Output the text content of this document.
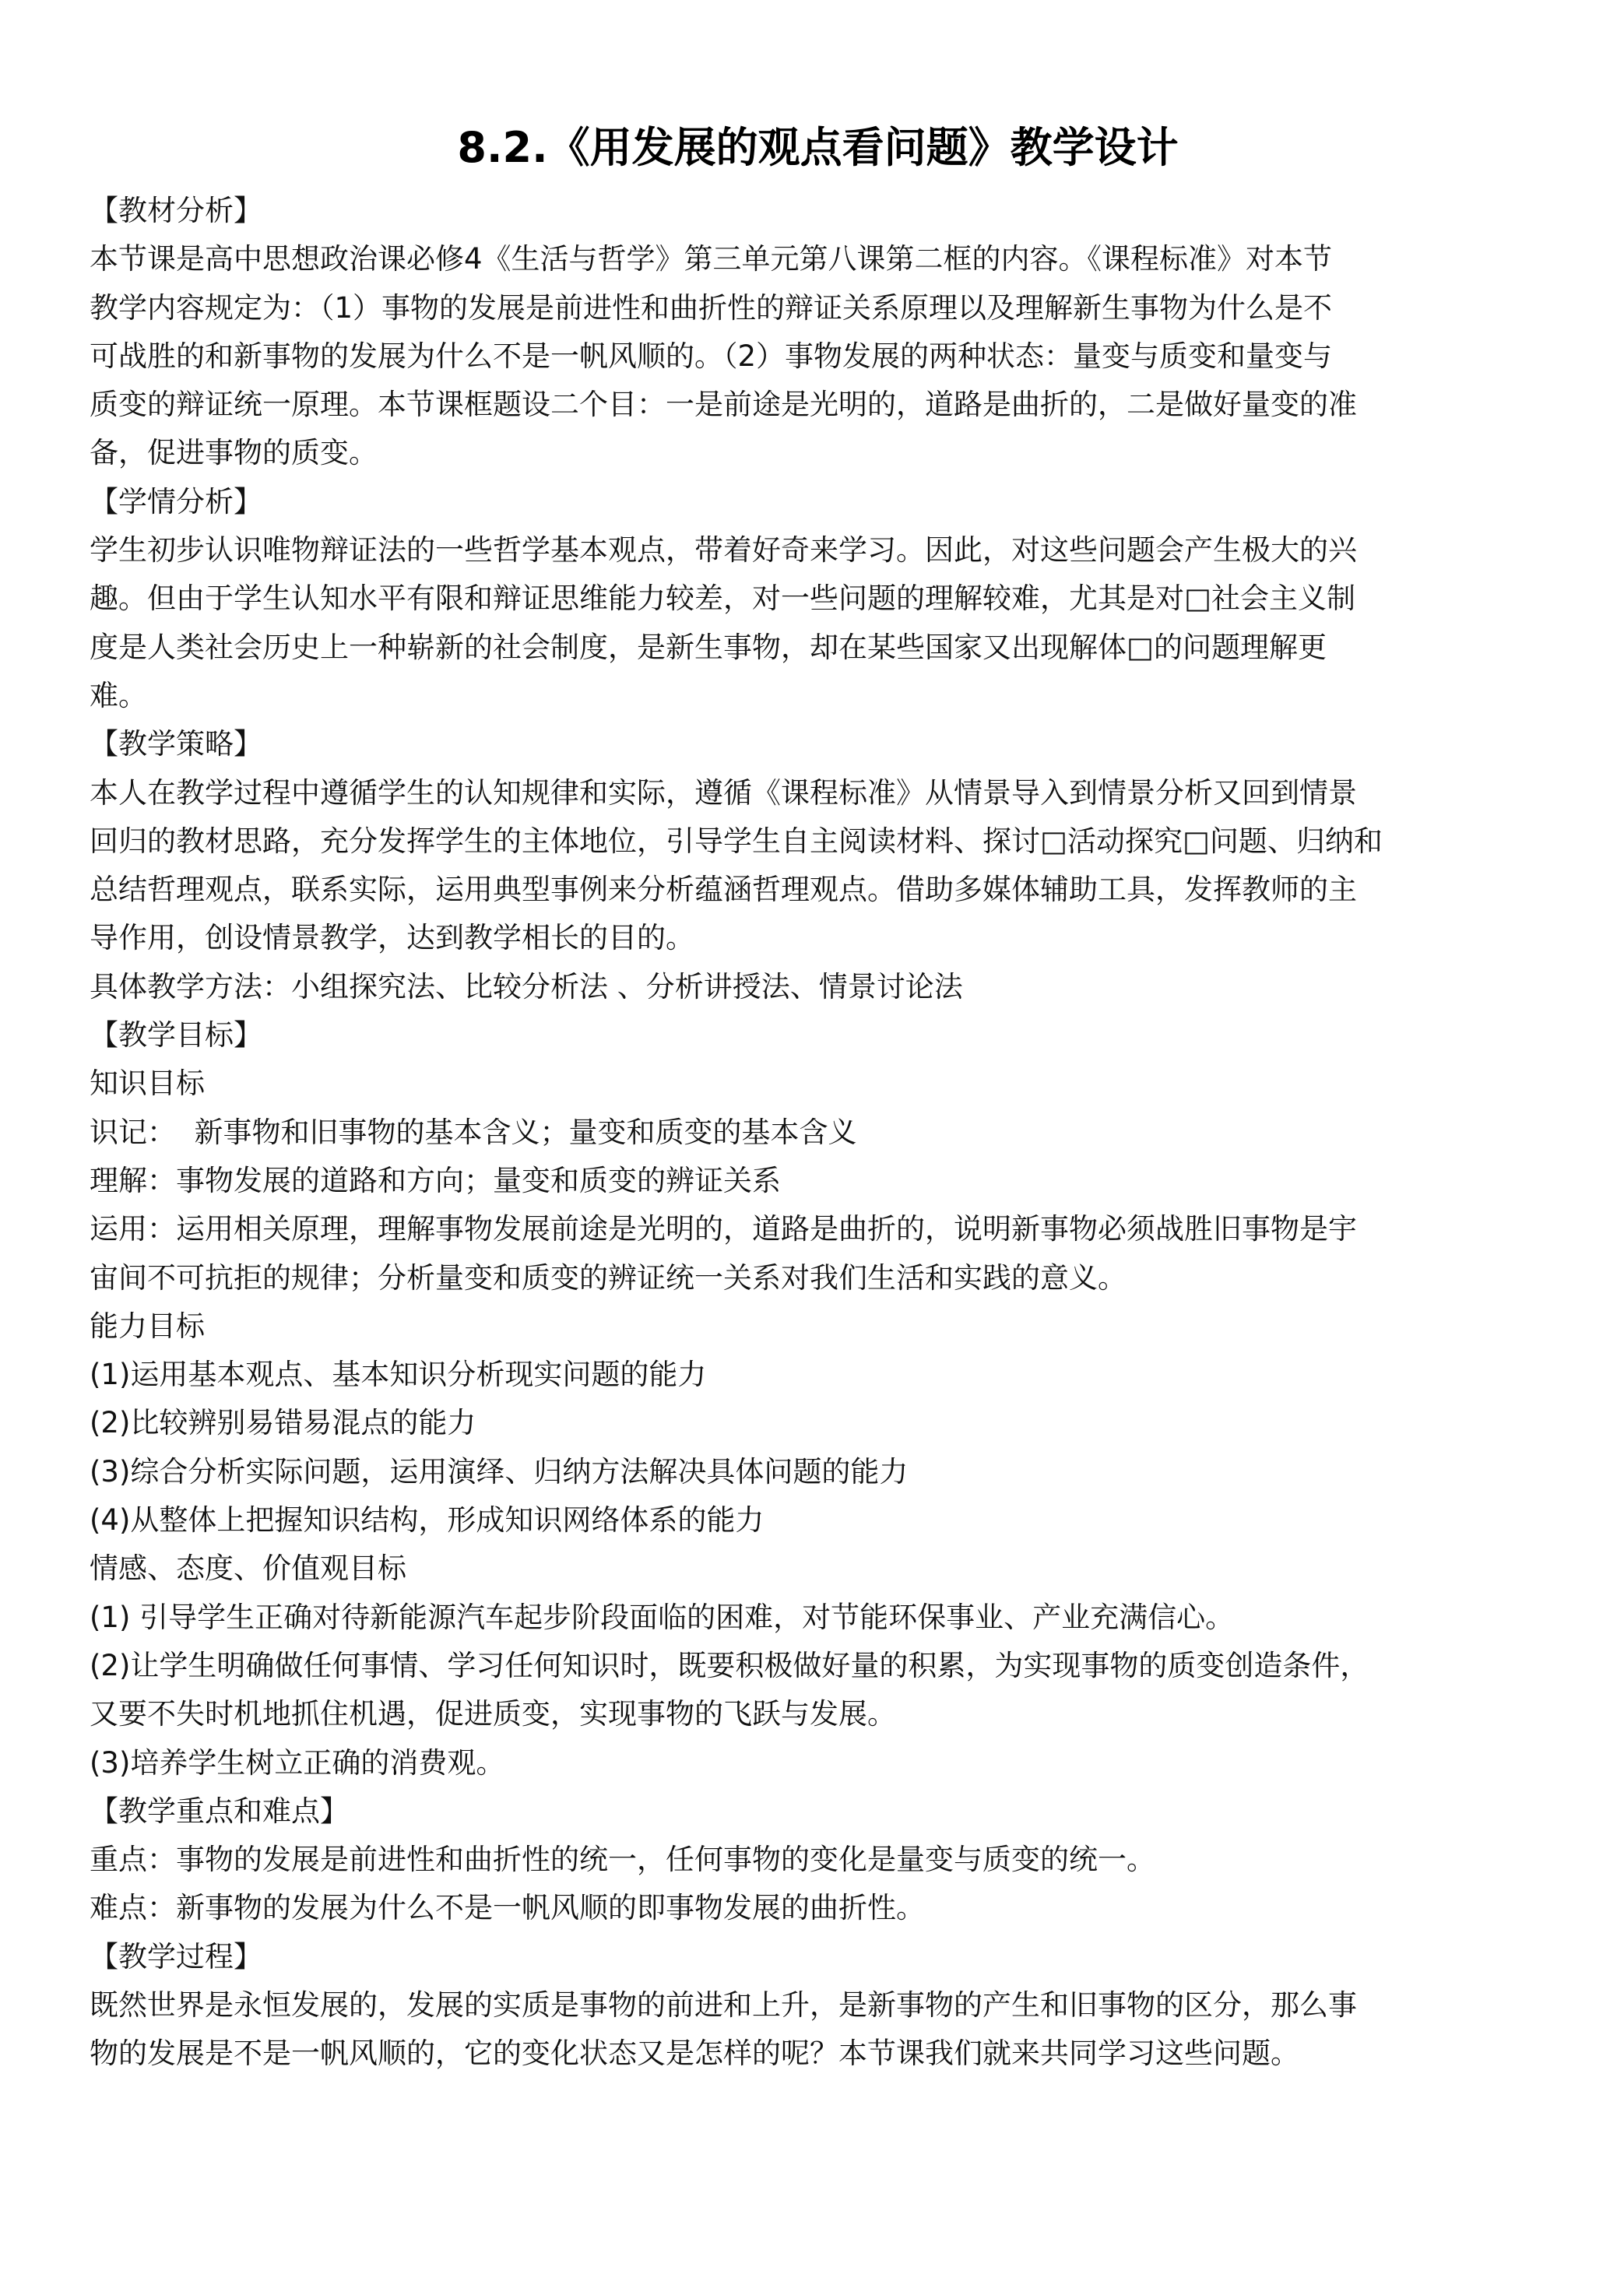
8.2.《用发展的观点看问题》教学设计
【教材分析】
本节课是高中思想政治课必修4《生活与哲学》第三单元第八课第二框的内容。《课程标准》对本节
教学内容规定为：（1）事物的发展是前进性和曲折性的辩证关系原理以及理解新生事物为什么是不
可战胜的和新事物的发展为什么不是一帆风顺的。（2）事物发展的两种状态：量变与质变和量变与
质变的辩证统一原理。本节课框题设二个目：一是前途是光明的，道路是曲折的，二是做好量变的准
备，促进事物的质变。
【学情分析】
学生初步认识唯物辩证法的一些哲学基本观点，带着好奇来学习。因此，对这些问题会产生极大的兴
趣。但由于学生认知水平有限和辩证思维能力较差，对一些问题的理解较难，尤其是对□社会主义制
度是人类社会历史上一种崭新的社会制度，是新生事物，却在某些国家又出现解体□的问题理解更
难。
【教学策略】
本人在教学过程中遵循学生的认知规律和实际，遵循《课程标准》从情景导入到情景分析又回到情景
回归的教材思路，充分发挥学生的主体地位，引导学生自主阅读材料、探讨□活动探究□问题、归纳和
总结哲理观点，联系实际，运用典型事例来分析蕴涵哲理观点。借助多媒体辅助工具，发挥教师的主
导作用，创设情景教学，达到教学相长的目的。
具体教学方法：小组探究法、比较分析法 、分析讲授法、情景讨论法
【教学目标】
知识目标
识记：  新事物和旧事物的基本含义；量变和质变的基本含义
理解：事物发展的道路和方向；量变和质变的辨证关系
运用：运用相关原理，理解事物发展前途是光明的，道路是曲折的，说明新事物必须战胜旧事物是宇
宙间不可抗拒的规律；分析量变和质变的辨证统一关系对我们生活和实践的意义。
能力目标
(1)运用基本观点、基本知识分析现实问题的能力
(2)比较辨别易错易混点的能力
(3)综合分析实际问题，运用演绎、归纳方法解决具体问题的能力
(4)从整体上把握知识结构，形成知识网络体系的能力
情感、态度、价值观目标
(1) 引导学生正确对待新能源汽车起步阶段面临的困难，对节能环保事业、产业充满信心。
(2)让学生明确做任何事情、学习任何知识时，既要积极做好量的积累，为实现事物的质变创造条件，
又要不失时机地抓住机遇，促进质变，实现事物的飞跃与发展。
(3)培养学生树立正确的消费观。
【教学重点和难点】
重点：事物的发展是前进性和曲折性的统一，任何事物的变化是量变与质变的统一。
难点：新事物的发展为什么不是一帆风顺的即事物发展的曲折性。
【教学过程】
既然世界是永恒发展的，发展的实质是事物的前进和上升，是新事物的产生和旧事物的区分，那么事
物的发展是不是一帆风顺的，它的变化状态又是怎样的呢？本节课我们就来共同学习这些问题。
